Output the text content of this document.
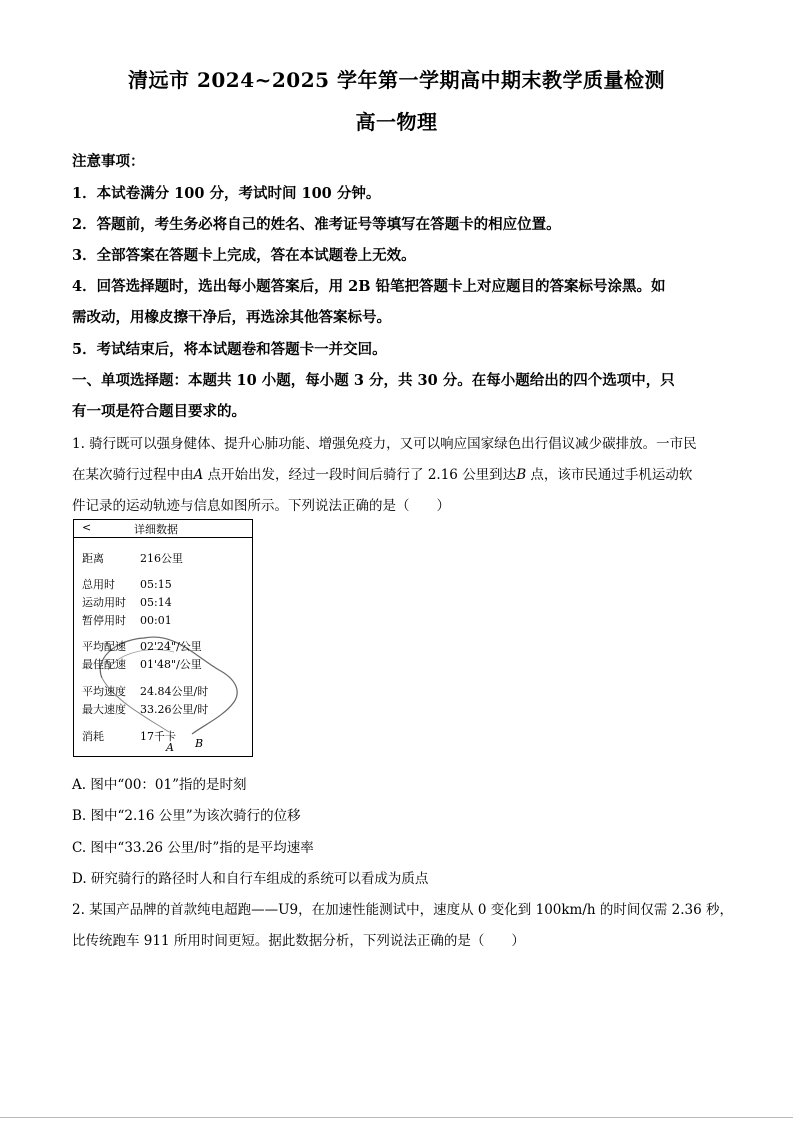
清远市 2024~2025 学年第一学期高中期末教学质量检测
高一物理
注意事项：
1．本试卷满分 100 分，考试时间 100 分钟。
2．答题前，考生务必将自己的姓名、准考证号等填写在答题卡的相应位置。
3．全部答案在答题卡上完成，答在本试题卷上无效。
4．回答选择题时，选出每小题答案后，用 2B 铅笔把答题卡上对应题目的答案标号涂黑。如
需改动，用橡皮擦干净后，再选涂其他答案标号。
5．考试结束后，将本试题卷和答题卡一并交回。
一、单项选择题：本题共 10 小题，每小题 3 分，共 30 分。在每小题给出的四个选项中，只
有一项是符合题目要求的。
1. 骑行既可以强身健体、提升心肺功能、增强免疫力，又可以响应国家绿色出行倡议减少碳排放。一市民
在某次骑行过程中由A 点开始出发，经过一段时间后骑行了 2.16 公里到达B 点，该市民通过手机运动软
件记录的运动轨迹与信息如图所示。下列说法正确的是（　　）
<	详细数据
距离	216公里
总用时 05:15
运动用时 05:14
暂停用时 00:01
平均配速 02'24"/公里
最佳配速 01'48"/公里
平均速度 24.84公里/时
最大速度 33.26公里/时
消耗	17千卡
A B
A. 图中“00：01”指的是时刻
B. 图中“2.16 公里”为该次骑行的位移
C. 图中“33.26 公里/时”指的是平均速率
D. 研究骑行的路径时人和自行车组成的系统可以看成为质点
2. 某国产品牌的首款纯电超跑——U9，在加速性能测试中，速度从 0 变化到 100km/h 的时间仅需 2.36 秒，
比传统跑车 911 所用时间更短。据此数据分析，下列说法正确的是（　　）
